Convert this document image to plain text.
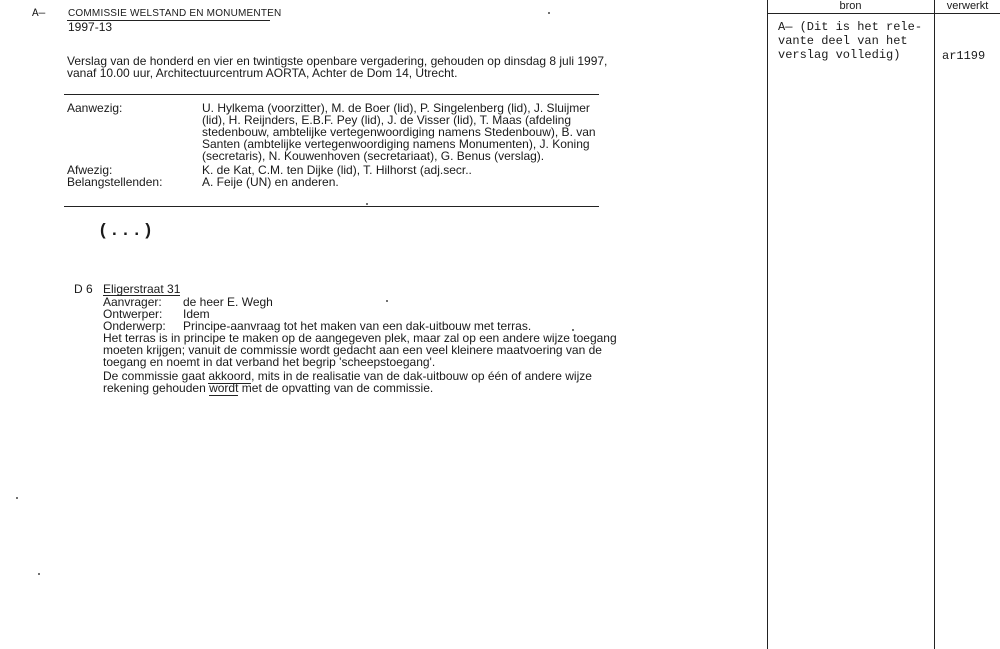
A— COMMISSIE WELSTAND EN MONUMENTEN
1997-13
Verslag van de honderd en vier en twintigste openbare vergadering, gehouden op dinsdag 8 juli 1997,
vanaf 10.00 uur, Architectuurcentrum AORTA, Achter de Dom 14, Utrecht.
Aanwezig:	U. Hylkema (voorzitter), M. de Boer (lid), P. Singelenberg (lid), J. Sluijmer
(lid), H. Reijnders, E.B.F. Pey (lid), J. de Visser (lid), T. Maas (afdeling
stedenbouw, ambtelijke vertegenwoordiging namens Stedenbouw), B. van
Santen (ambtelijke vertegenwoordiging namens Monumenten), J. Koning
(secretaris), N. Kouwenhoven (secretariaat), G. Benus (verslag).
Afwezig:	K. de Kat, C.M. ten Dijke (lid), T. Hilhorst (adj.secr..
Belangstellenden:	A. Feije (UN) en anderen.
(...)
D 6 Eligerstraat 31
Aanvrager: de heer E. Wegh
Ontwerper: Idem
Onderwerp: Principe-aanvraag tot het maken van een dak-uitbouw met terras.
Het terras is in principe te maken op de aangegeven plek, maar zal op een andere wijze toegang
moeten krijgen; vanuit de commissie wordt gedacht aan een veel kleinere maatvoering van de
toegang en noemt in dat verband het begrip 'scheepstoegang'.
De commissie gaat akkoord, mits in de realisatie van de dak-uitbouw op één of andere wijze
rekening gehouden wordt met de opvatting van de commissie.
bron	verwerkt
A— (Dit is het rele-
vante deel van het
verslag volledig)	ar1199
